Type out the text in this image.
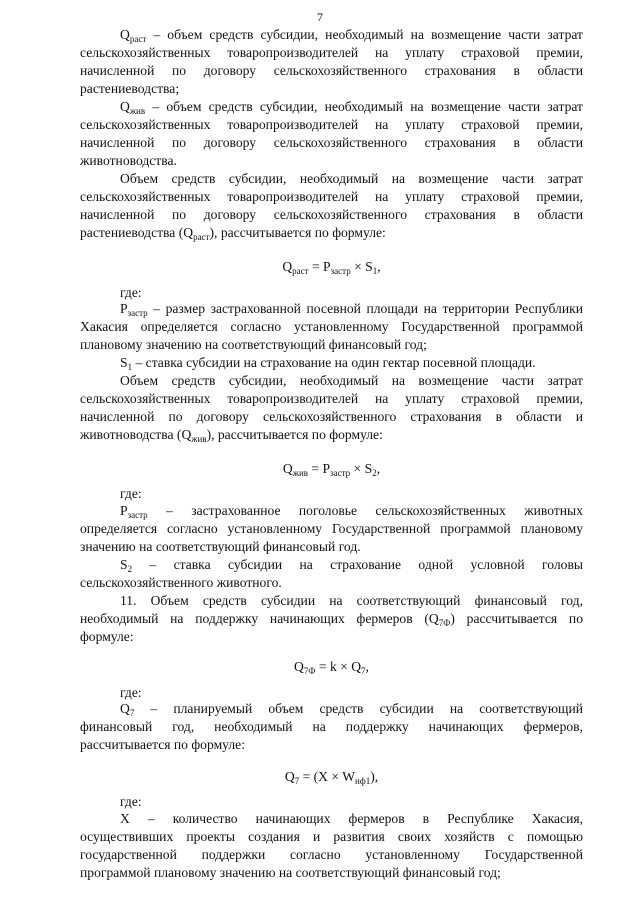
7
$Q_{раст}$ – объем средств субсидии, необходимый на возмещение части затрат
сельскохозяйственных товаропроизводителей на уплату страховой премии,
начисленной по договору сельскохозяйственного страхования в области
растениеводства;
$Q_{жив}$ – объем средств субсидии, необходимый на возмещение части затрат
сельскохозяйственных товаропроизводителей на уплату страховой премии,
начисленной по договору сельскохозяйственного страхования в области
животноводства.
Объем средств субсидии, необходимый на возмещение части затрат
сельскохозяйственных товаропроизводителей на уплату страховой премии,
начисленной по договору сельскохозяйственного страхования в области
растениеводства $(Q_{раст})$, рассчитывается по формуле:
$Q_{раст} = P_{застр} \times S_1$,
где:
$P_{застр}$ – размер застрахованной посевной площади на территории Республики
Хакасия определяется согласно установленному Государственной программой
плановому значению на соответствующий финансовый год;
$S_1$ – ставка субсидии на страхование на один гектар посевной площади.
Объем средств субсидии, необходимый на возмещение части затрат
сельскохозяйственных товаропроизводителей на уплату страховой премии,
начисленной по договору сельскохозяйственного страхования в области и
животноводства $(Q_{жив})$, рассчитывается по формуле:
$Q_{жив} = P_{застр} \times S_2$,
где:
$P_{застр}$ – застрахованное поголовье сельскохозяйственных животных
определяется согласно установленному Государственной программой плановому
значению на соответствующий финансовый год.
$S_2$ – ставка субсидии на страхование одной условной головы
сельскохозяйственного животного.
11. Объем средств субсидии на соответствующий финансовый год,
необходимый на поддержку начинающих фермеров $(Q_{7Ф})$ рассчитывается по
формуле:
$Q_{7Ф} = k \times Q_7$,
где:
$Q_7$ – планируемый объем средств субсидии на соответствующий
финансовый год, необходимый на поддержку начинающих фермеров,
рассчитывается по формуле:
$Q_7 = (X \times W_{нф1})$,
где:
X – количество начинающих фермеров в Республике Хакасия,
осуществивших проекты создания и развития своих хозяйств с помощью
государственной поддержки согласно установленному Государственной
программой плановому значению на соответствующий финансовый год;
